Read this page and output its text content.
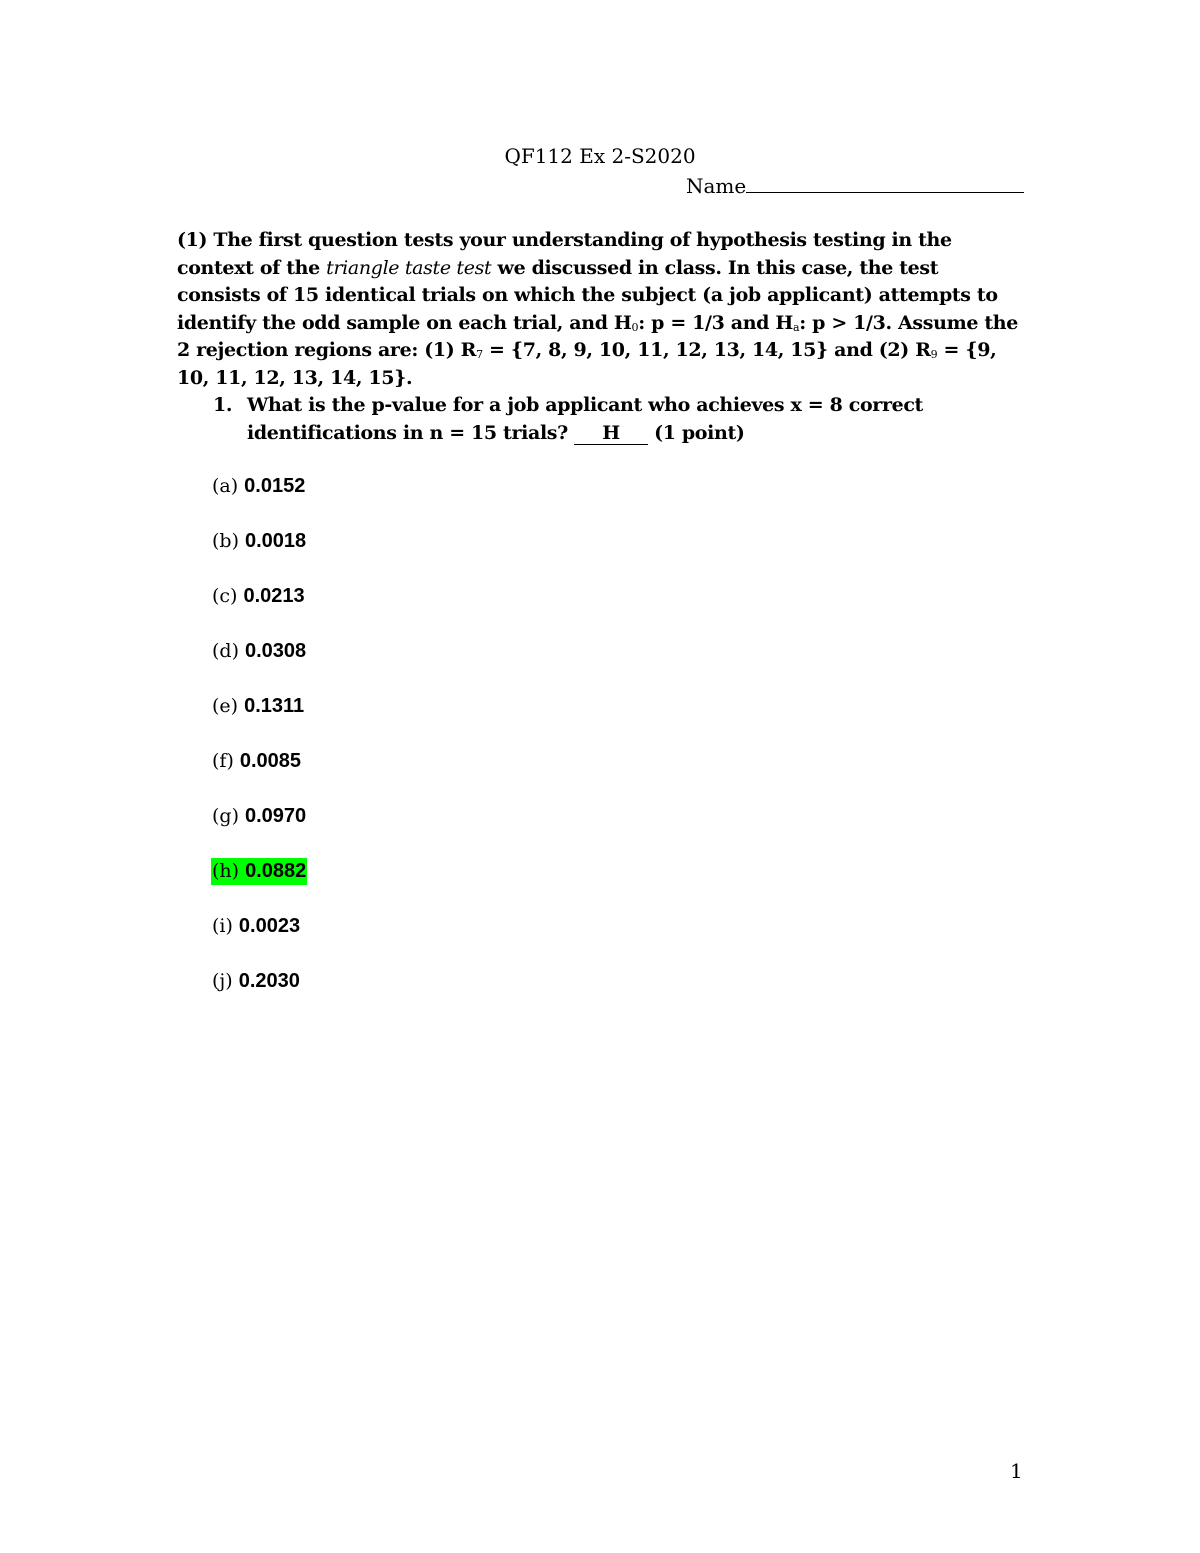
QF112 Ex 2-S2020
Name
(1) The first question tests your understanding of hypothesis testing in the context of the triangle taste test we discussed in class. In this case, the test consists of 15 identical trials on which the subject (a job applicant) attempts to identify the odd sample on each trial, and $H_0$: p = 1/3 and $H_a$: p > 1/3. Assume the 2 rejection regions are: (1) $R_7 = \{7$, 8, 9, 10, 11, 12, 13, 14, 15} and (2) $R_9 = \{9$, 10, 11, 12, 13, 14, 15}.
1. What is the p-value for a job applicant who achieves x = 8 correct identifications in n = 15 trials? H (1 point)
(a) 0.0152
(b) 0.0018
(c) 0.0213
(d) 0.0308
(e) 0.1311
(f) 0.0085
(g) 0.0970
(h) 0.0882
(i) 0.0023
(j) 0.2030
1
